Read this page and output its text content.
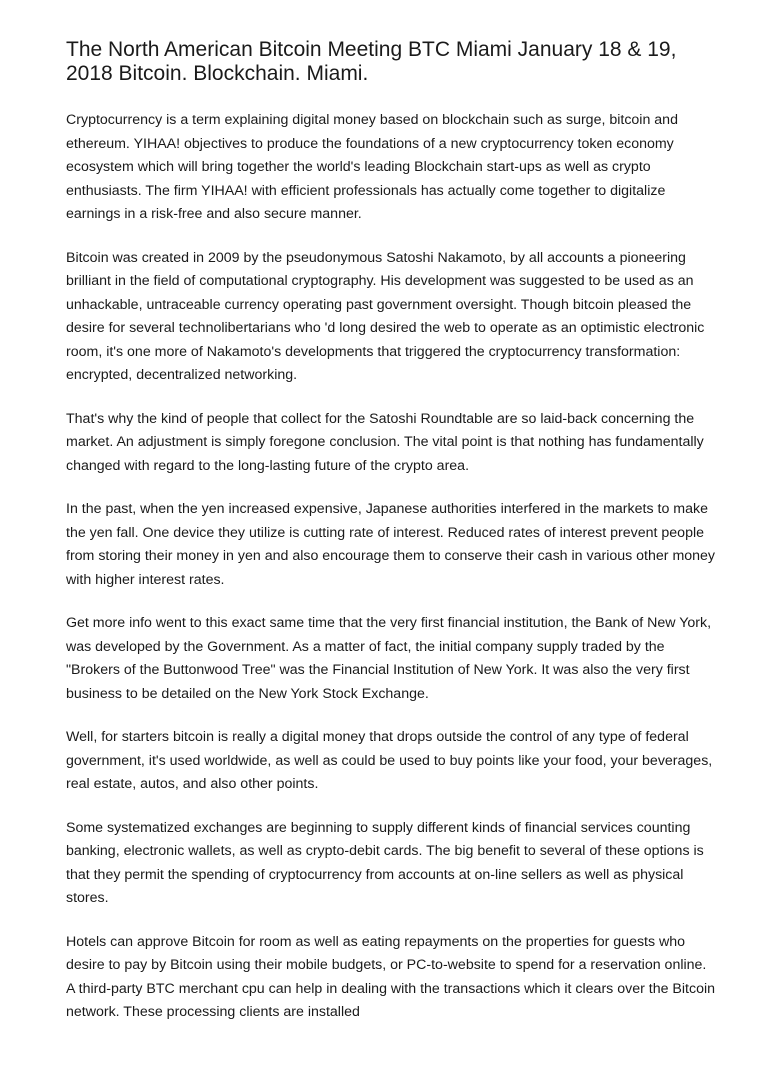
The North American Bitcoin Meeting BTC Miami January 18 & 19, 2018 Bitcoin. Blockchain. Miami.

Cryptocurrency is a term explaining digital money based on blockchain such as surge, bitcoin and ethereum. YIHAA! objectives to produce the foundations of a new cryptocurrency token economy ecosystem which will bring together the world's leading Blockchain start-ups as well as crypto enthusiasts. The firm YIHAA! with efficient professionals has actually come together to digitalize earnings in a risk-free and also secure manner.

Bitcoin was created in 2009 by the pseudonymous Satoshi Nakamoto, by all accounts a pioneering brilliant in the field of computational cryptography. His development was suggested to be used as an unhackable, untraceable currency operating past government oversight. Though bitcoin pleased the desire for several technolibertarians who 'd long desired the web to operate as an optimistic electronic room, it's one more of Nakamoto's developments that triggered the cryptocurrency transformation: encrypted, decentralized networking.

That's why the kind of people that collect for the Satoshi Roundtable are so laid-back concerning the market. An adjustment is simply foregone conclusion. The vital point is that nothing has fundamentally changed with regard to the long-lasting future of the crypto area.

In the past, when the yen increased expensive, Japanese authorities interfered in the markets to make the yen fall. One device they utilize is cutting rate of interest. Reduced rates of interest prevent people from storing their money in yen and also encourage them to conserve their cash in various other money with higher interest rates.

Get more info went to this exact same time that the very first financial institution, the Bank of New York, was developed by the Government. As a matter of fact, the initial company supply traded by the "Brokers of the Buttonwood Tree" was the Financial Institution of New York. It was also the very first business to be detailed on the New York Stock Exchange.

Well, for starters bitcoin is really a digital money that drops outside the control of any type of federal government, it's used worldwide, as well as could be used to buy points like your food, your beverages, real estate, autos, and also other points.

Some systematized exchanges are beginning to supply different kinds of financial services counting banking, electronic wallets, as well as crypto-debit cards. The big benefit to several of these options is that they permit the spending of cryptocurrency from accounts at on-line sellers as well as physical stores.

Hotels can approve Bitcoin for room as well as eating repayments on the properties for guests who desire to pay by Bitcoin using their mobile budgets, or PC-to-website to spend for a reservation online. A third-party BTC merchant cpu can help in dealing with the transactions which it clears over the Bitcoin network. These processing clients are installed
